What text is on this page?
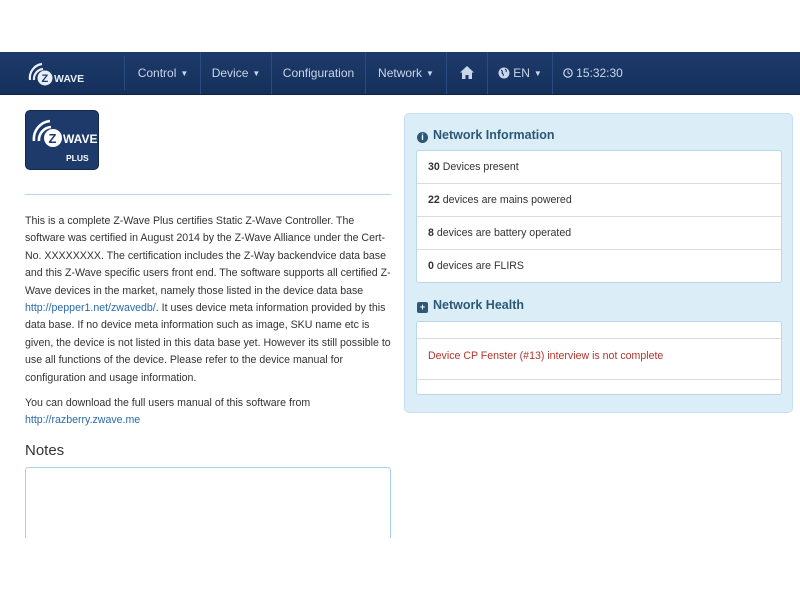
Z WAVE	Control ▼	Device ▼	Configuration	Network ▼	EN ▼	15:32:30
Z WAVE
PLUS
This is a complete Z-Wave Plus certifies Static Z-Wave Controller. The software was certified in August 2014 by the Z-Wave Alliance under the Cert-No. XXXXXXXX. The certification includes the Z-Way backendvice data base and this Z-Wave specific users front end. The software supports all certified Z-Wave devices in the market, namely those listed in the device data base http://pepper1.net/zwavedb/. It uses device meta information provided by this data base. If no device meta information such as image, SKU name etc is given, the device is not listed in this data base yet. However its still possible to use all functions of the device. Please refer to the device manual for configuration and usage information.
You can download the full users manual of this software from
http://razberry.zwave.me
Notes
i Network Information
30 Devices present
22 devices are mains powered
8 devices are battery operated
0 devices are FLIRS
+ Network Health
Device CP Fenster (#13) interview is not complete
